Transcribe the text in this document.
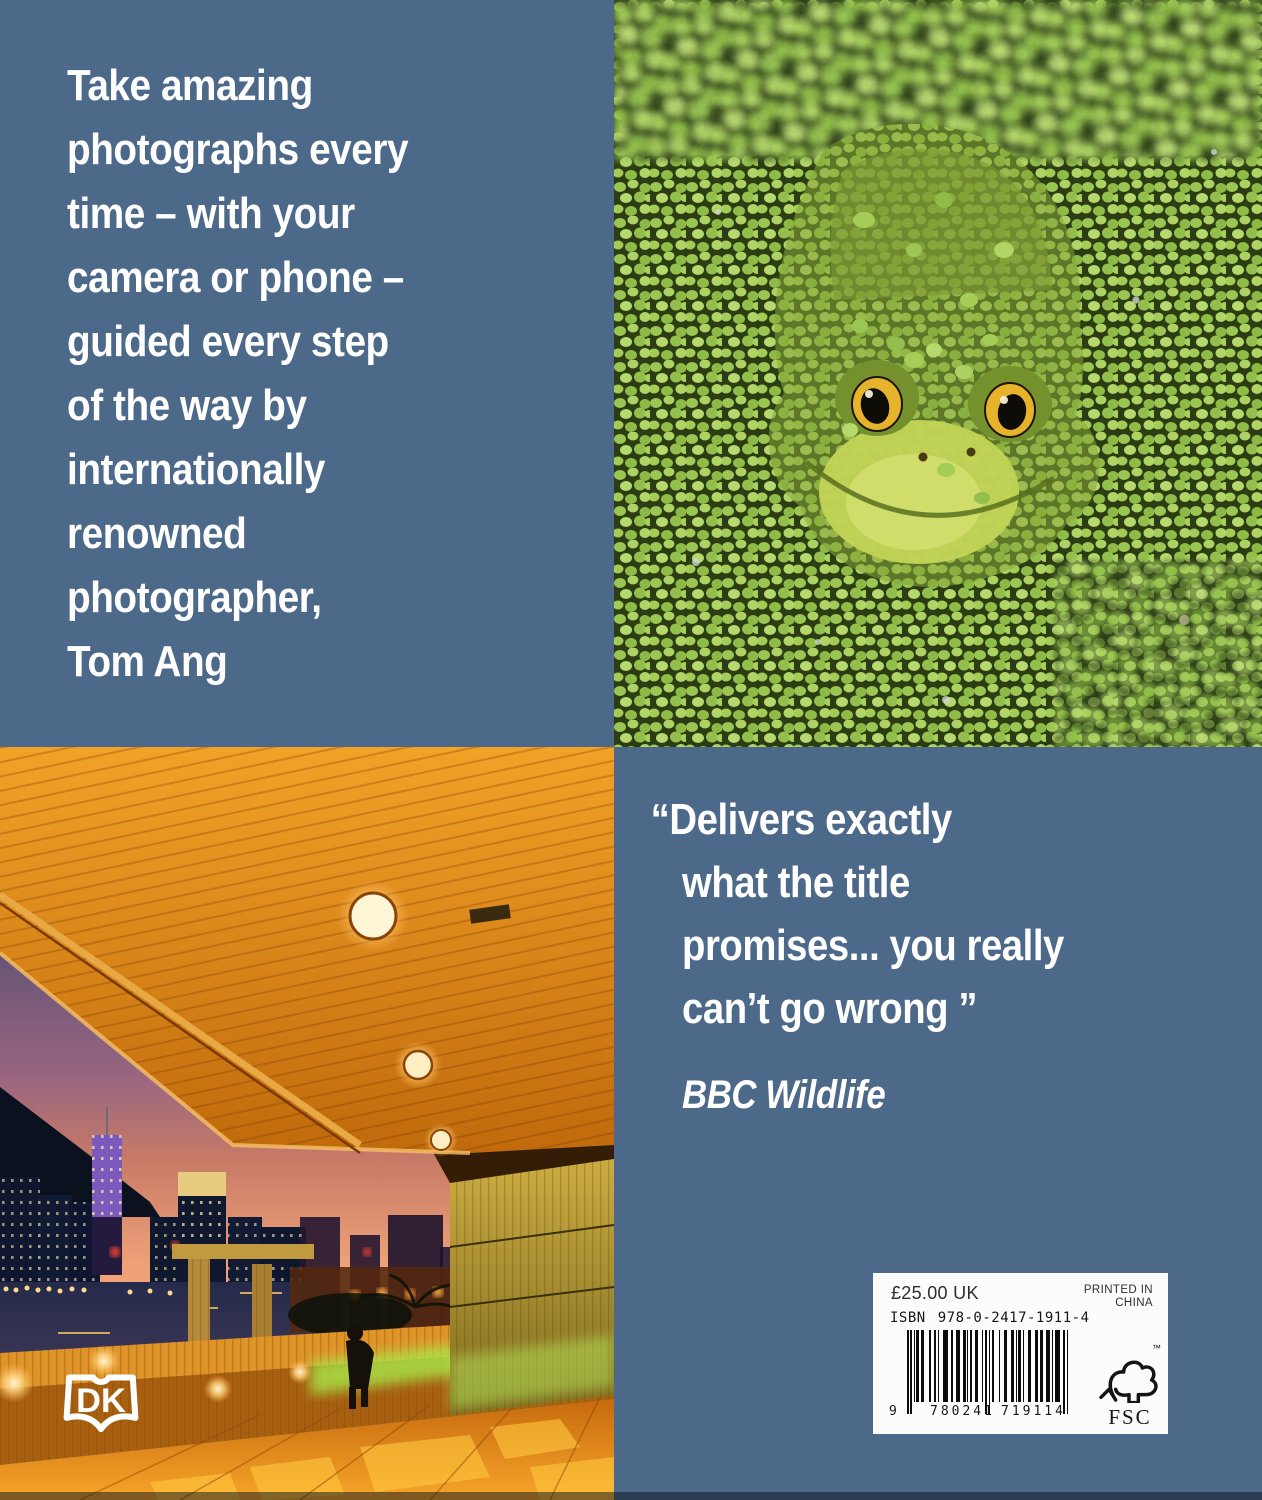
Take amazing
photographs every
time – with your
camera or phone –
guided every step
of the way by
internationally
renowned
photographer,
Tom Ang
“Delivers exactly
what the title
promises... you really
can’t go wrong ”
BBC Wildlife
DK
£25.00 UK	PRINTED IN
CHINA
ISBN 978-0-2417-1911-4
9	780241 719114
™
FSC
